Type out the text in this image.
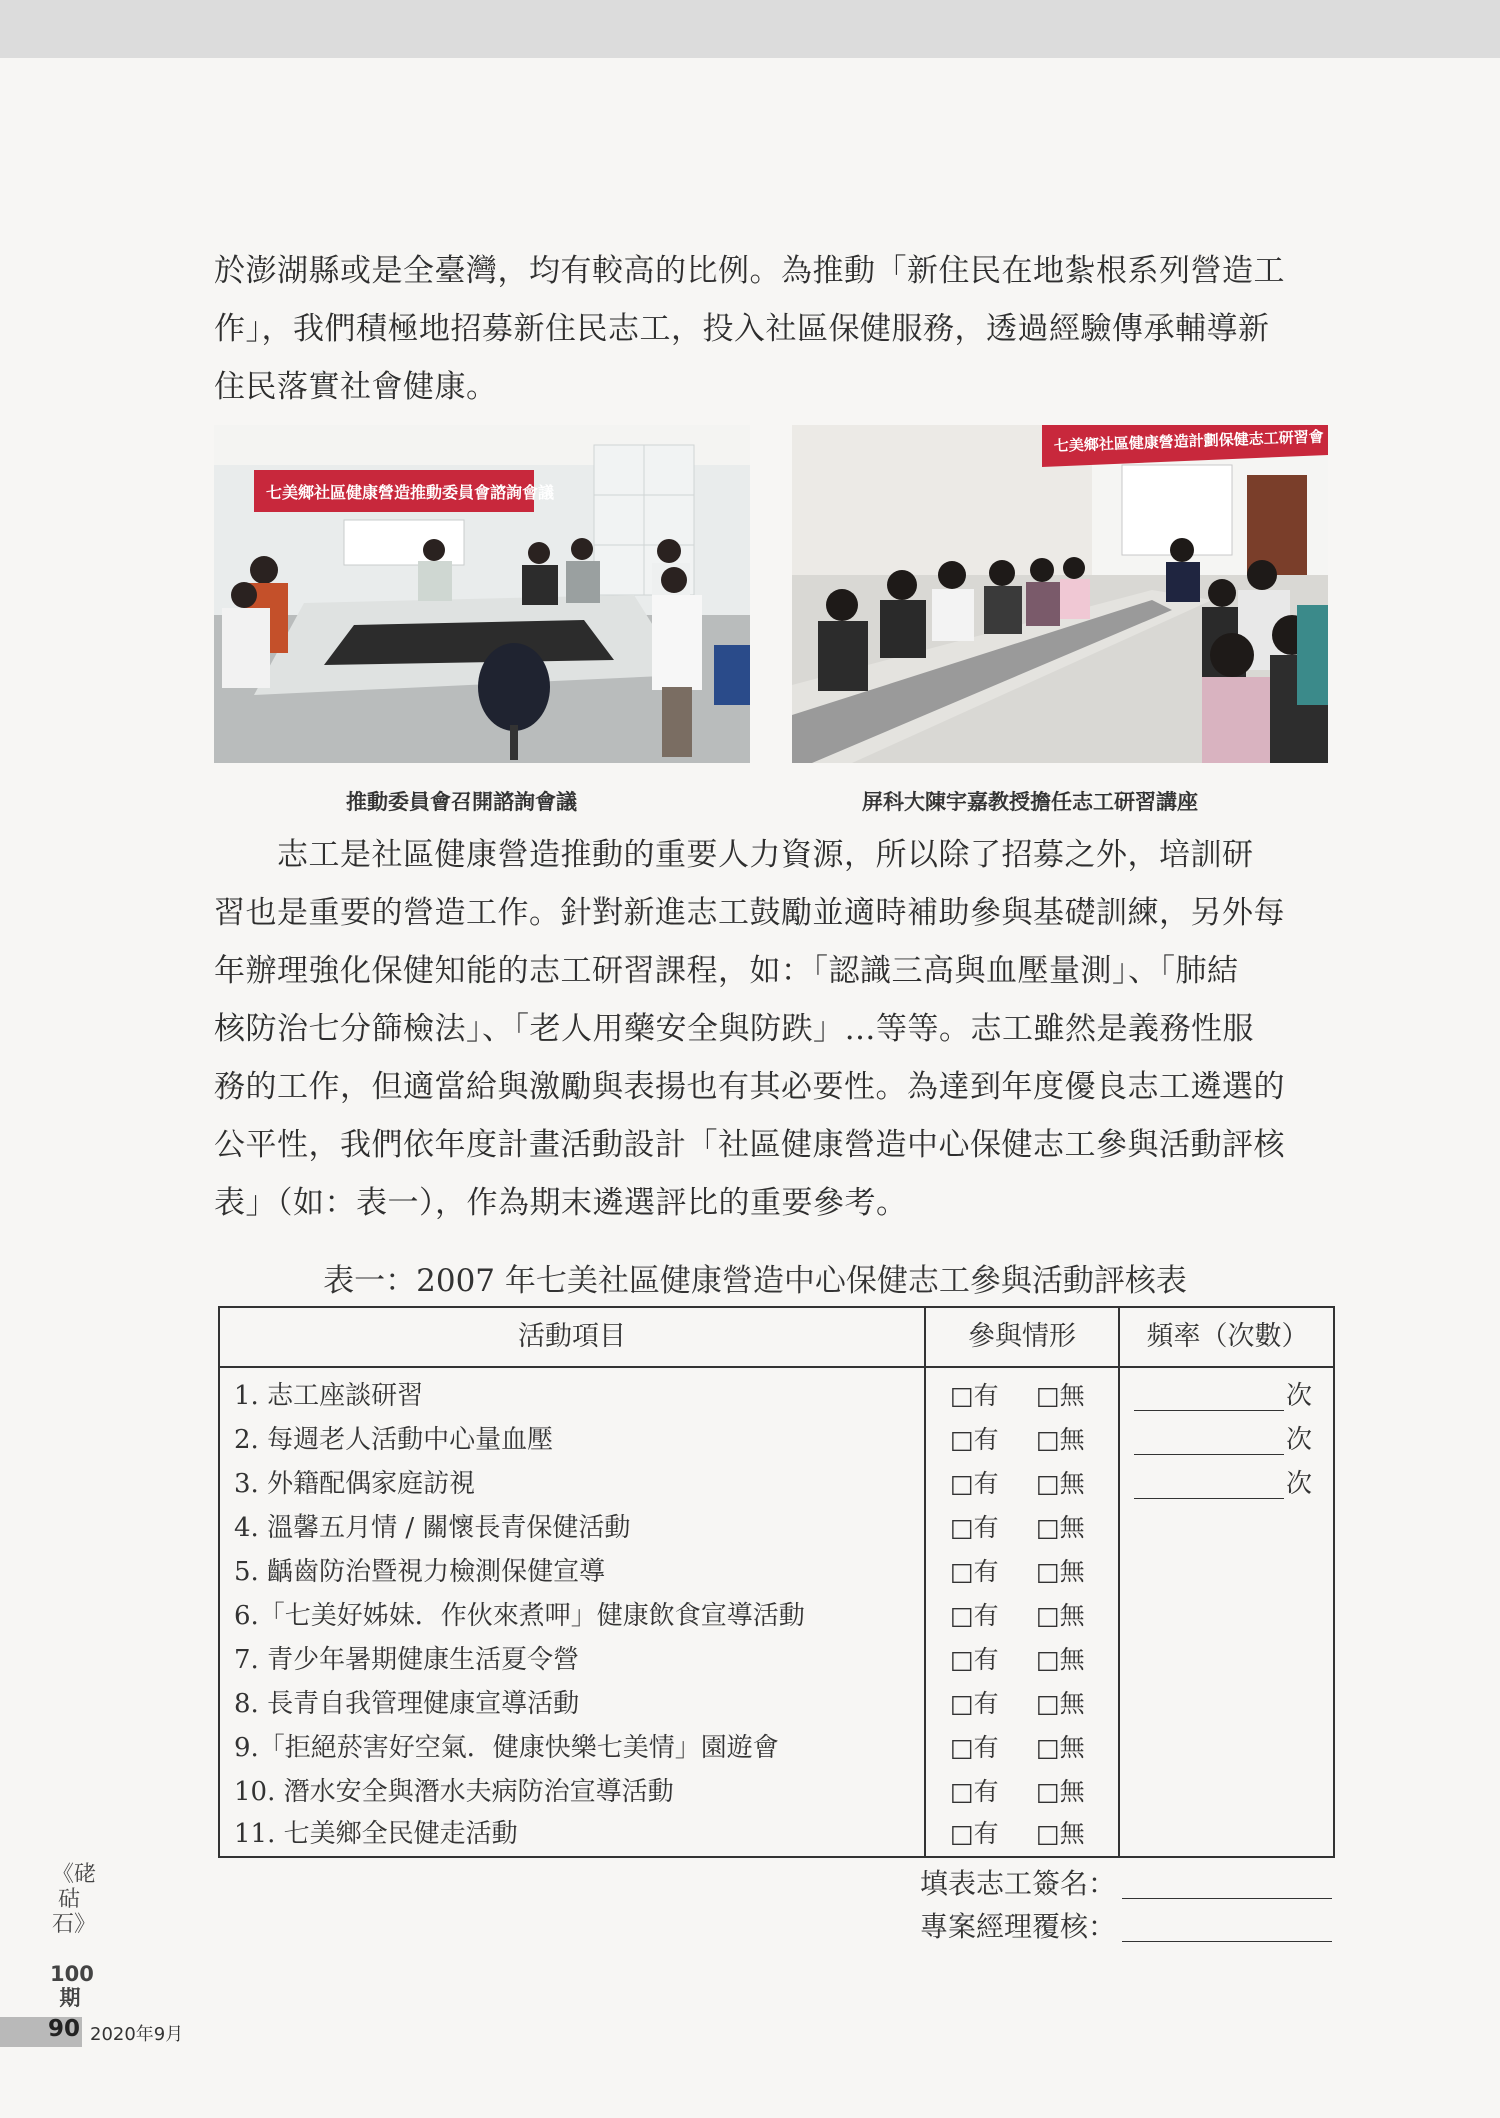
於澎湖縣或是全臺灣，均有較高的比例。為推動「新住民在地紮根系列營造工
作」，我們積極地招募新住民志工，投入社區保健服務，透過經驗傳承輔導新
住民落實社會健康。
七美鄉社區健康營造推動委員會諮詢會議
七美鄉社區健康營造計劃保健志工研習會
推動委員會召開諮詢會議	屏科大陳宇嘉教授擔任志工研習講座
　　志工是社區健康營造推動的重要人力資源，所以除了招募之外，培訓研
習也是重要的營造工作。針對新進志工鼓勵並適時補助參與基礎訓練，另外每
年辦理強化保健知能的志工研習課程，如：「認識三高與血壓量測」、「肺結
核防治七分篩檢法」、「老人用藥安全與防跌」…等等。志工雖然是義務性服
務的工作，但適當給與激勵與表揚也有其必要性。為達到年度優良志工遴選的
公平性，我們依年度計畫活動設計「社區健康營造中心保健志工參與活動評核
表」（如：表一），作為期末遴選評比的重要參考。
表一：2007 年七美社區健康營造中心保健志工參與活動評核表
活動項目	參與情形	頻率（次數）
1. 志工座談研習	□有 □無	次
2. 每週老人活動中心量血壓	□有 □無	次
3. 外籍配偶家庭訪視	□有 □無	次
4. 溫馨五月情 / 關懷長青保健活動	□有 □無
5. 齲齒防治暨視力檢測保健宣導	□有 □無
6.「七美好姊妹．作伙來煮呷」健康飲食宣導活動	□有 □無
7. 青少年暑期健康生活夏令營	□有 □無
8. 長青自我管理健康宣導活動	□有 □無
9.「拒絕菸害好空氣．健康快樂七美情」園遊會	□有 □無
10. 潛水安全與潛水夫病防治宣導活動	□有 □無
11. 七美鄉全民健走活動	□有 □無
填表志工簽名：
專案經理覆核：
《硓𥑮石》
100期
90 2020年9月
